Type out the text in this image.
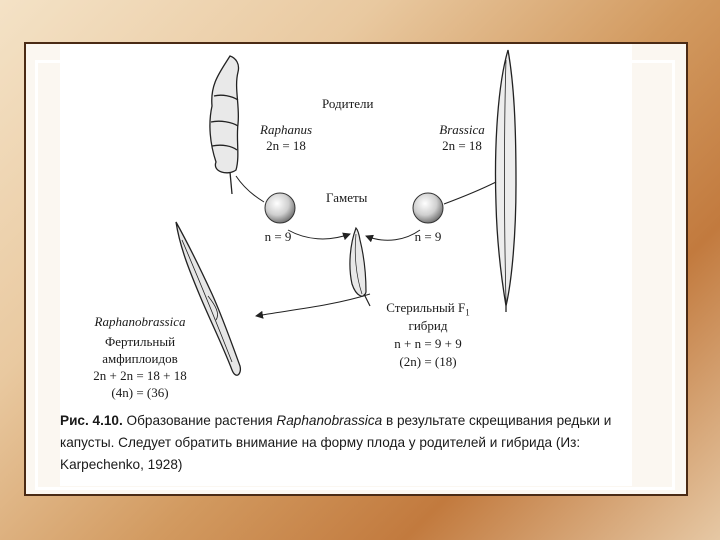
Родители
Raphanus
2n = 18
Brassica
2n = 18
Гаметы
n = 9	n = 9
Стерильный $F_1$
гибрид
n + n = 9 + 9
(2n) = (18)
Raphanobrassica
Фертильный
амфиплоидов
2n + 2n = 18 + 18
(4n) = (36)
Рис. 4.10. Образование растения Raphanobrassica в результате скрещивания редьки и капусты. Следует обратить внимание на форму плода у родителей и гибрида (Из: Karpechenko, 1928)
